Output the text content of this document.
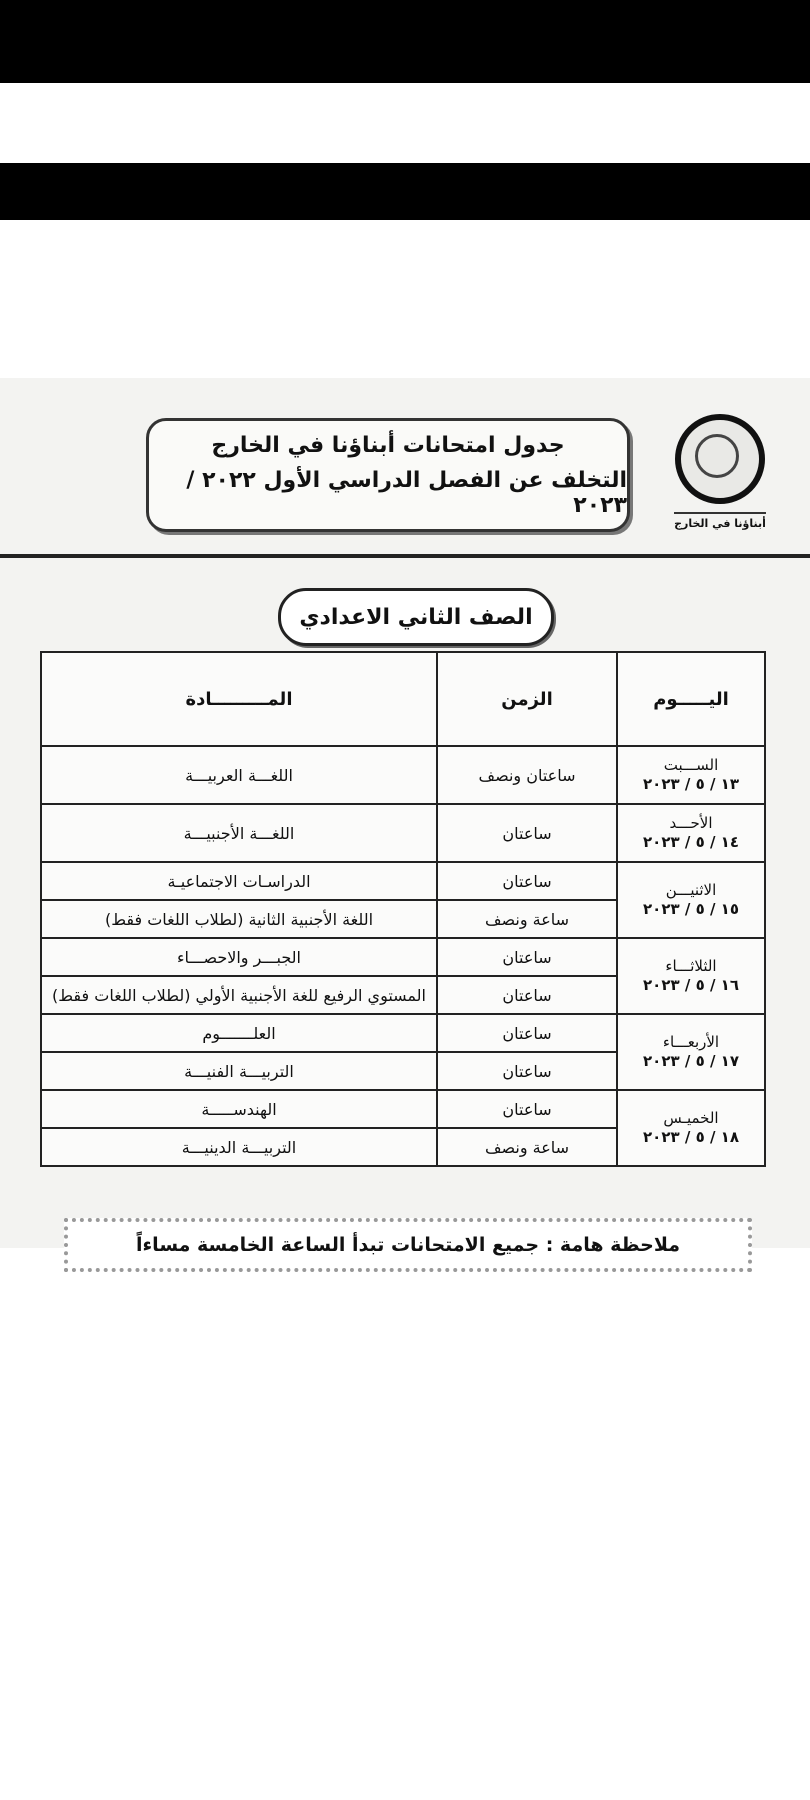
جدول امتحانات أبناؤنا في الخارج
التخلف عن الفصل الدراسي الأول ٢٠٢٢ / ٢٠٢٣
أبناؤنا في الخارج
الصف الثاني الاعدادي
اليـــــوم	الزمن	المـــــــــادة

الســـبت
١٣ / ٥ / ٢٠٢٣	ساعتان ونصف	اللغـــة العربيـــة

الأحـــد
١٤ / ٥ / ٢٠٢٣	ساعتان	اللغـــة الأجنبيـــة

الاثنيـــن
١٥ / ٥ / ٢٠٢٣	ساعتان	الدراسـات الاجتماعيـة
	ساعة ونصف	اللغة الأجنبية الثانية (لطلاب اللغات فقط)

الثلاثـــاء
١٦ / ٥ / ٢٠٢٣	ساعتان	الجبـــر والاحصـــاء
	ساعتان	المستوي الرفيع للغة الأجنبية الأولي (لطلاب اللغات فقط)

الأربعـــاء
١٧ / ٥ / ٢٠٢٣	ساعتان	العلـــــــوم
	ساعتان	التربيـــة الفنيـــة

الخميـس
١٨ / ٥ / ٢٠٢٣	ساعتان	الهندســـــة
	ساعة ونصف	التربيـــة الدينيـــة
ملاحظة هامة : جميع الامتحانات تبدأ الساعة الخامسة مساءاً
